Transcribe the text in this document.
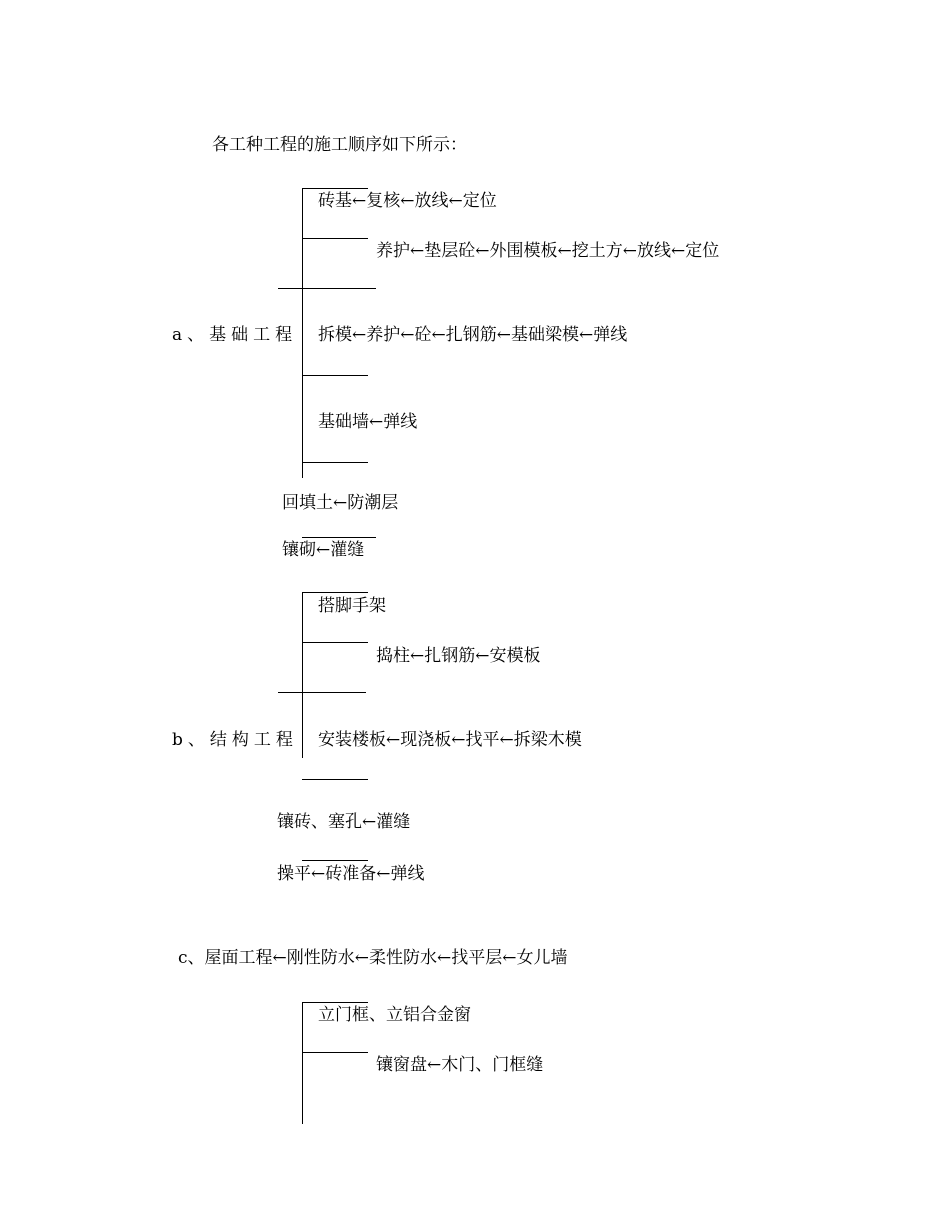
各工种工程的施工顺序如下所示：
a、基础工程
砖基←复核←放线←定位
养护←垫层砼←外围模板←挖土方←放线←定位
拆模←养护←砼←扎钢筋←基础梁模←弹线
基础墙←弹线
回填土←防潮层
镶砌←灌缝
b、结构工程
搭脚手架
捣柱←扎钢筋←安模板
安装楼板←现浇板←找平←拆梁木模
镶砖、塞孔←灌缝
操平←砖准备←弹线
c、屋面工程←刚性防水←柔性防水←找平层←女儿墙
立门框、立铝合金窗
镶窗盘←木门、门框缝
